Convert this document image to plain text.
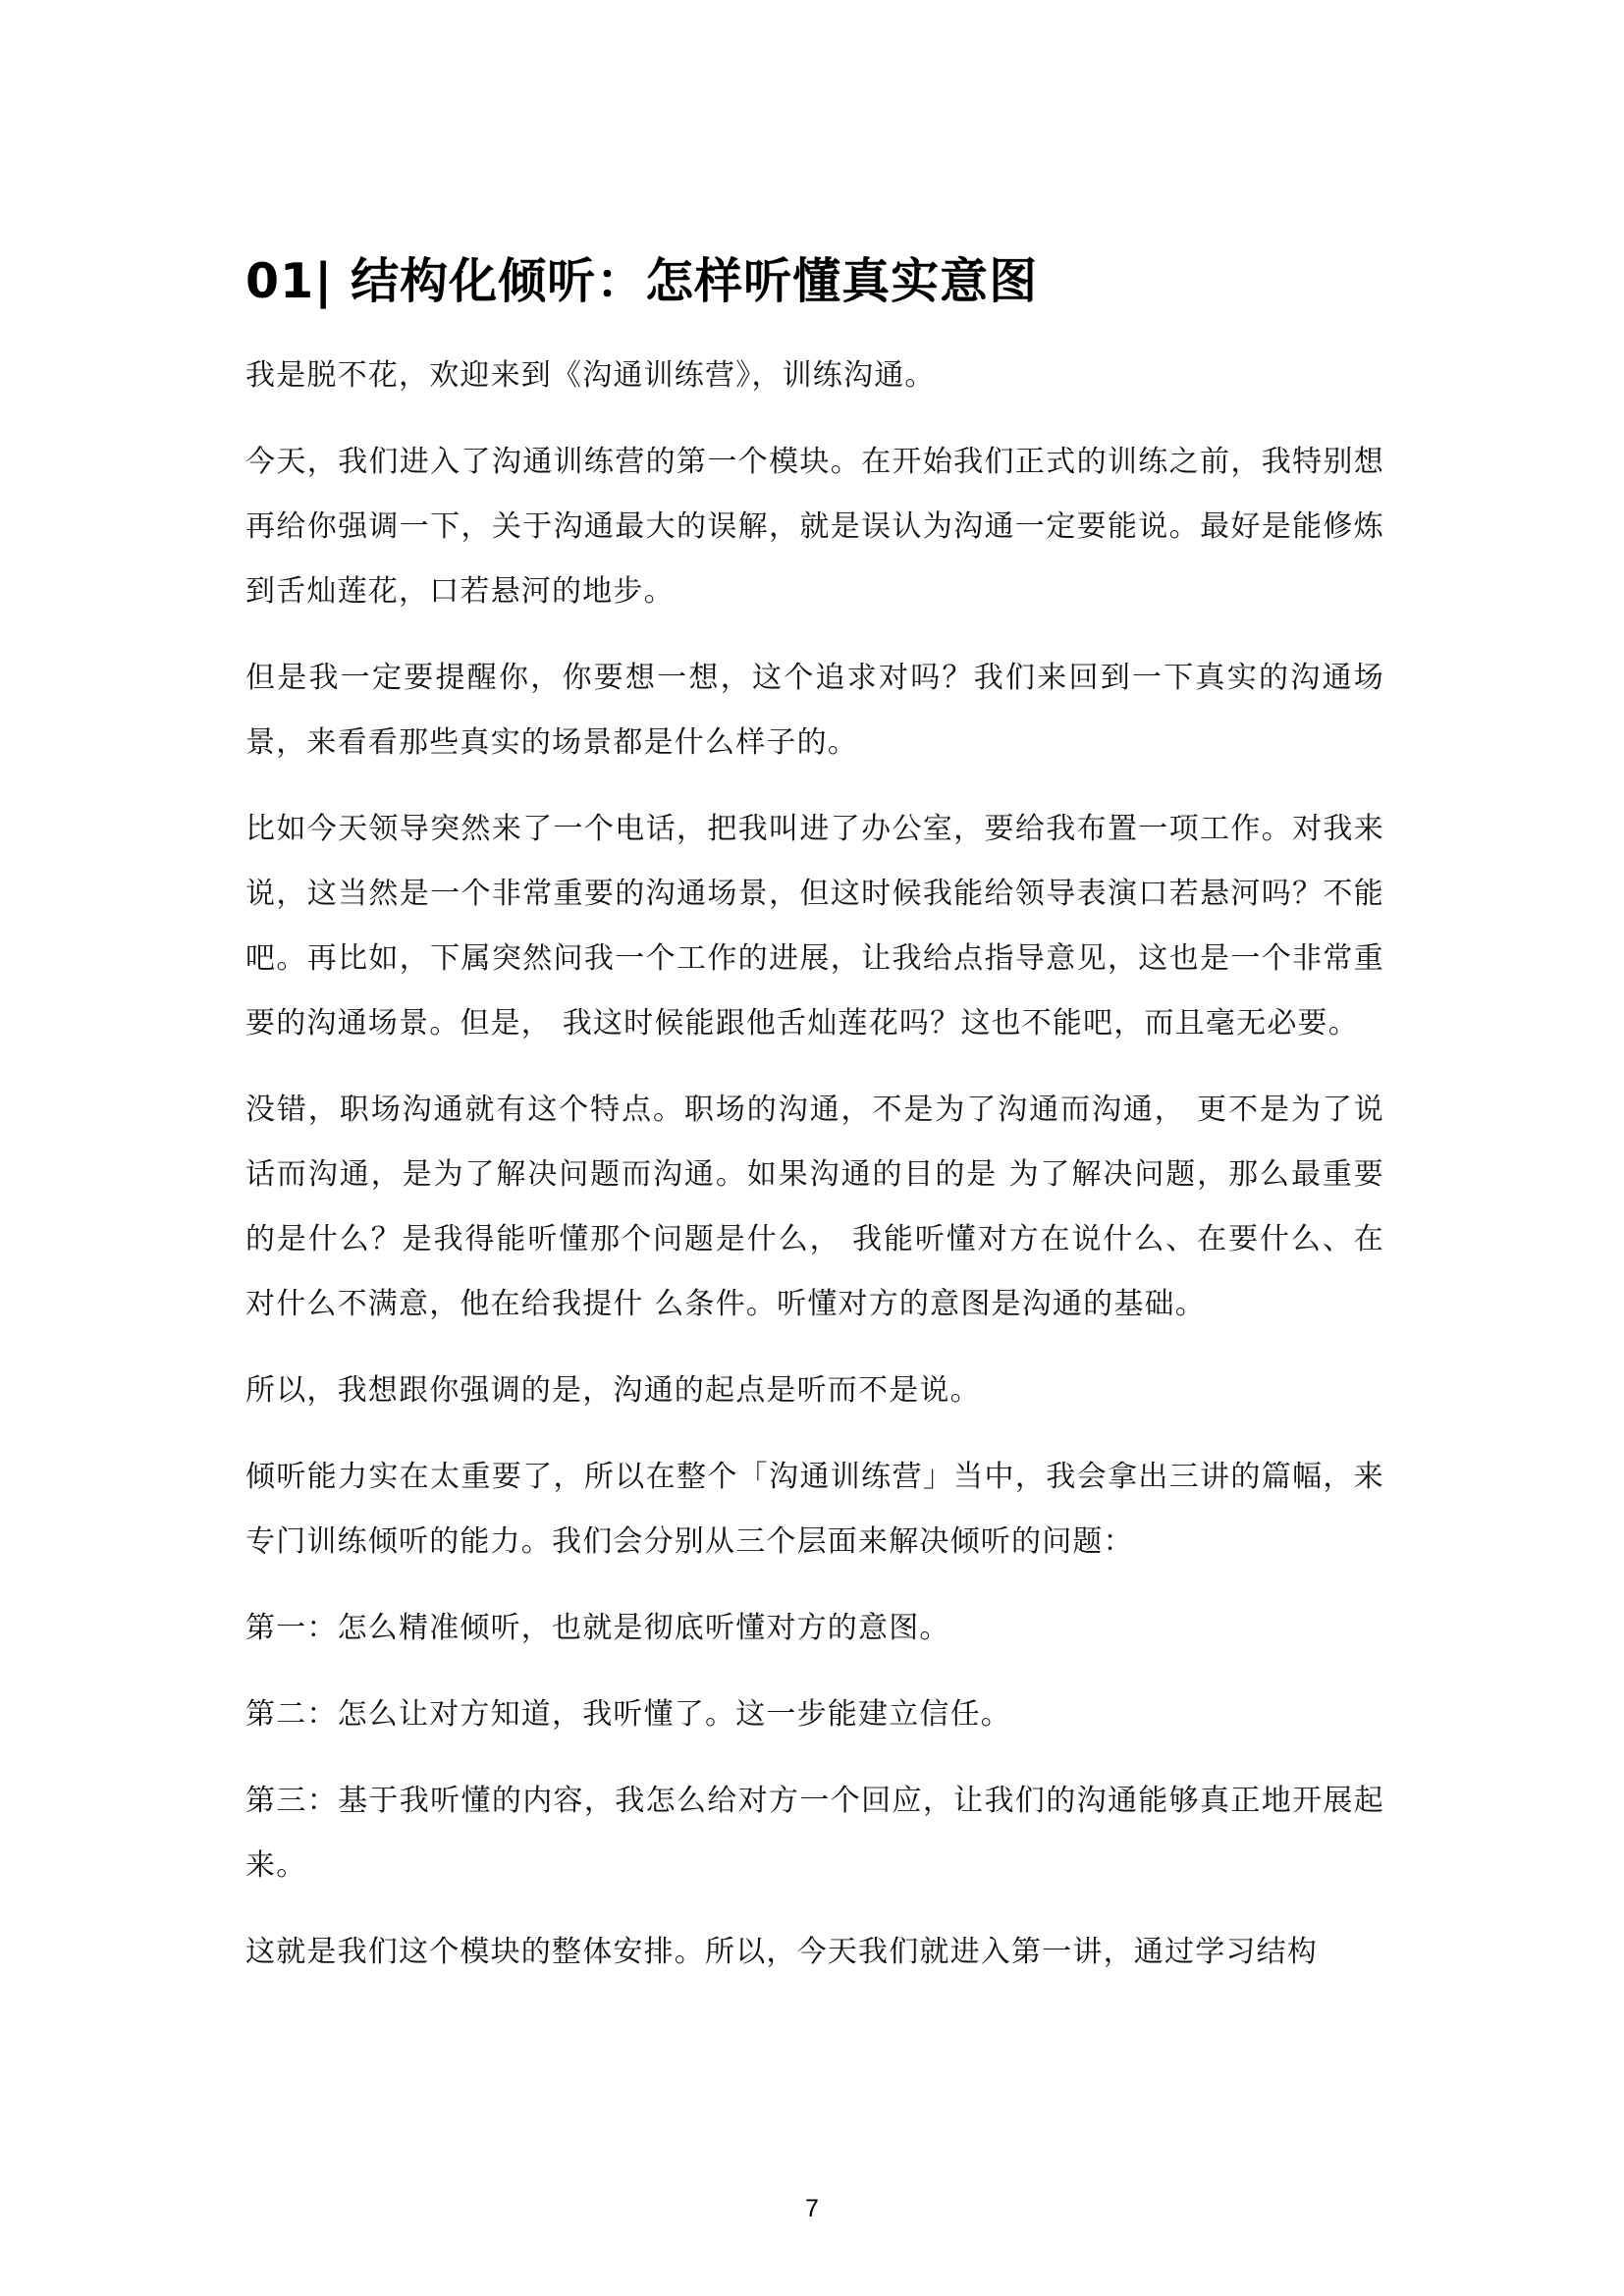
01| 结构化倾听：怎样听懂真实意图

我是脱不花，欢迎来到《沟通训练营》，训练沟通。

今天，我们进入了沟通训练营的第一个模块。在开始我们正式的训练之前，我特别想再给你强调一下，关于沟通最大的误解，就是误认为沟通一定要能说。最好是能修炼到舌灿莲花，口若悬河的地步。

但是我一定要提醒你，你要想一想，这个追求对吗？我们来回到一下真实的沟通场景，来看看那些真实的场景都是什么样子的。

比如今天领导突然来了一个电话，把我叫进了办公室，要给我布置一项工作。对我来说，这当然是一个非常重要的沟通场景，但这时候我能给领导表演口若悬河吗？不能吧。再比如，下属突然问我一个工作的进展，让我给点指导意见，这也是一个非常重要的沟通场景。但是， 我这时候能跟他舌灿莲花吗？这也不能吧，而且毫无必要。

没错，职场沟通就有这个特点。职场的沟通，不是为了沟通而沟通， 更不是为了说话而沟通，是为了解决问题而沟通。如果沟通的目的是 为了解决问题，那么最重要的是什么？是我得能听懂那个问题是什么， 我能听懂对方在说什么、在要什么、在对什么不满意，他在给我提什 么条件。听懂对方的意图是沟通的基础。

所以，我想跟你强调的是，沟通的起点是听而不是说。

倾听能力实在太重要了，所以在整个「沟通训练营」当中，我会拿出三讲的篇幅，来专门训练倾听的能力。我们会分别从三个层面来解决倾听的问题：

第一：怎么精准倾听，也就是彻底听懂对方的意图。

第二：怎么让对方知道，我听懂了。这一步能建立信任。

第三：基于我听懂的内容，我怎么给对方一个回应，让我们的沟通能够真正地开展起来。

这就是我们这个模块的整体安排。所以，今天我们就进入第一讲，通过学习结构

7
